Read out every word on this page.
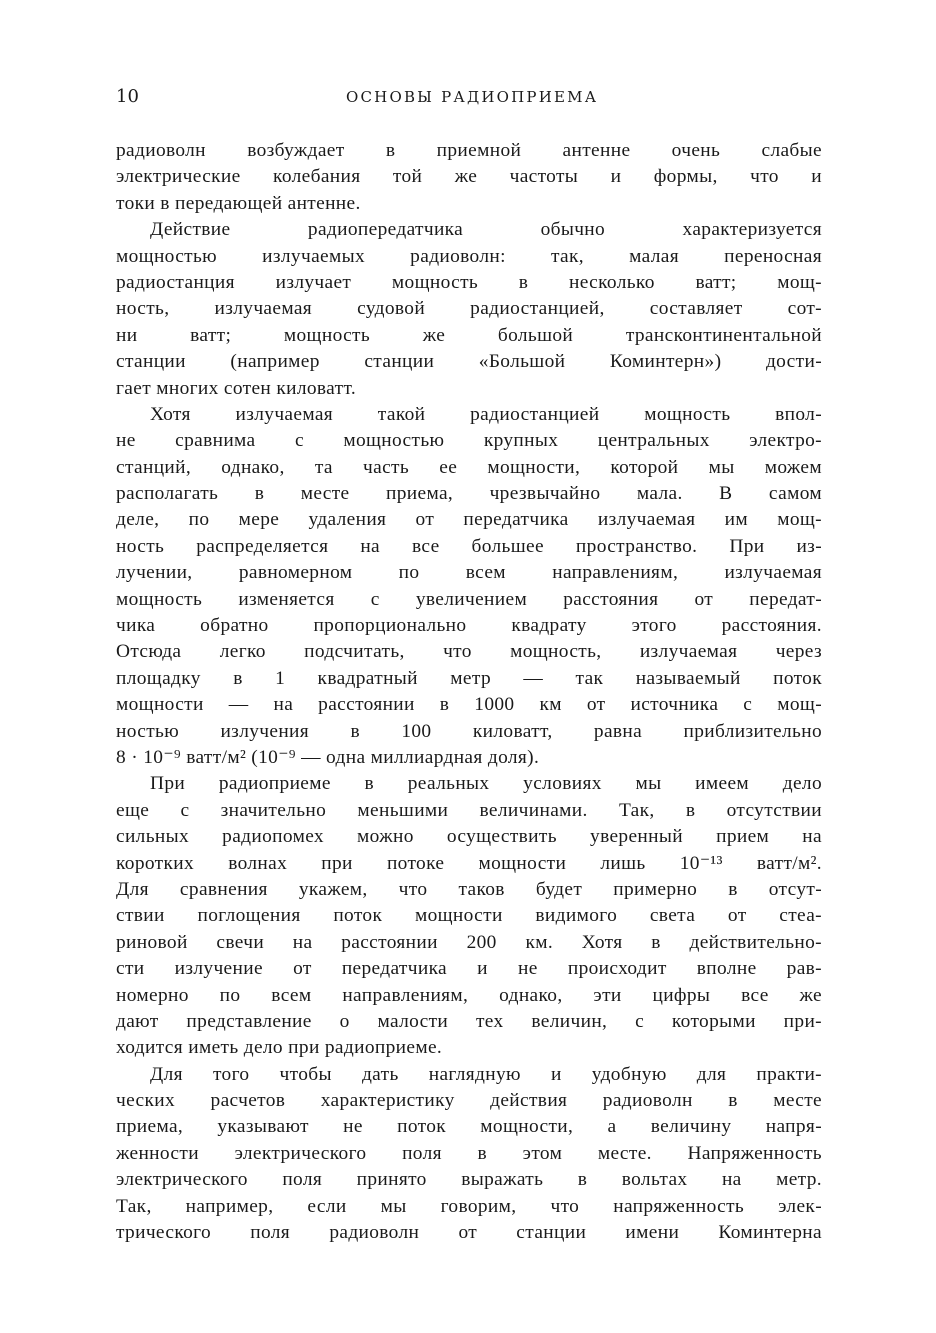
10	ОСНОВЫ РАДИОПРИЕМА
радиоволн возбуждает в приемной антенне очень слабые
электрические колебания той же частоты и формы, что и
токи в передающей антенне.
Действие радиопередатчика обычно характеризуется
мощностью излучаемых радиоволн: так, малая переносная
радиостанция излучает мощность в несколько ватт; мощ-
ность, излучаемая судовой радиостанцией, составляет сот-
ни ватт; мощность же большой трансконтинентальной
станции (например станции «Большой Коминтерн») дости-
гает многих сотен киловатт.
Хотя излучаемая такой радиостанцией мощность впол-
не сравнима с мощностью крупных центральных электро-
станций, однако, та часть ее мощности, которой мы можем
располагать в месте приема, чрезвычайно мала. В самом
деле, по мере удаления от передатчика излучаемая им мощ-
ность распределяется на все большее пространство. При из-
лучении, равномерном по всем направлениям, излучаемая
мощность изменяется с увеличением расстояния от передат-
чика обратно пропорционально квадрату этого расстояния.
Отсюда легко подсчитать, что мощность, излучаемая через
площадку в 1 квадратный метр — так называемый поток
мощности — на расстоянии в 1000 км от источника с мощ-
ностью излучения в 100 киловатт, равна приблизительно
8 · 10⁻⁹ ватт/м² (10⁻⁹ — одна миллиардная доля).
При радиоприеме в реальных условиях мы имеем дело
еще с значительно меньшими величинами. Так, в отсутствии
сильных радиопомех можно осуществить уверенный прием на
коротких волнах при потоке мощности лишь 10⁻¹³ ватт/м².
Для сравнения укажем, что таков будет примерно в отсут-
ствии поглощения поток мощности видимого света от стеа-
риновой свечи на расстоянии 200 км. Хотя в действительно-
сти излучение от передатчика и не происходит вполне рав-
номерно по всем направлениям, однако, эти цифры все же
дают представление о малости тех величин, с которыми при-
ходится иметь дело при радиоприеме.
Для того чтобы дать наглядную и удобную для практи-
ческих расчетов характеристику действия радиоволн в месте
приема, указывают не поток мощности, а величину напря-
женности электрического поля в этом месте. Напряженность
электрического поля принято выражать в вольтах на метр.
Так, например, если мы говорим, что напряженность элек-
трического поля радиоволн от станции имени Коминтерна
